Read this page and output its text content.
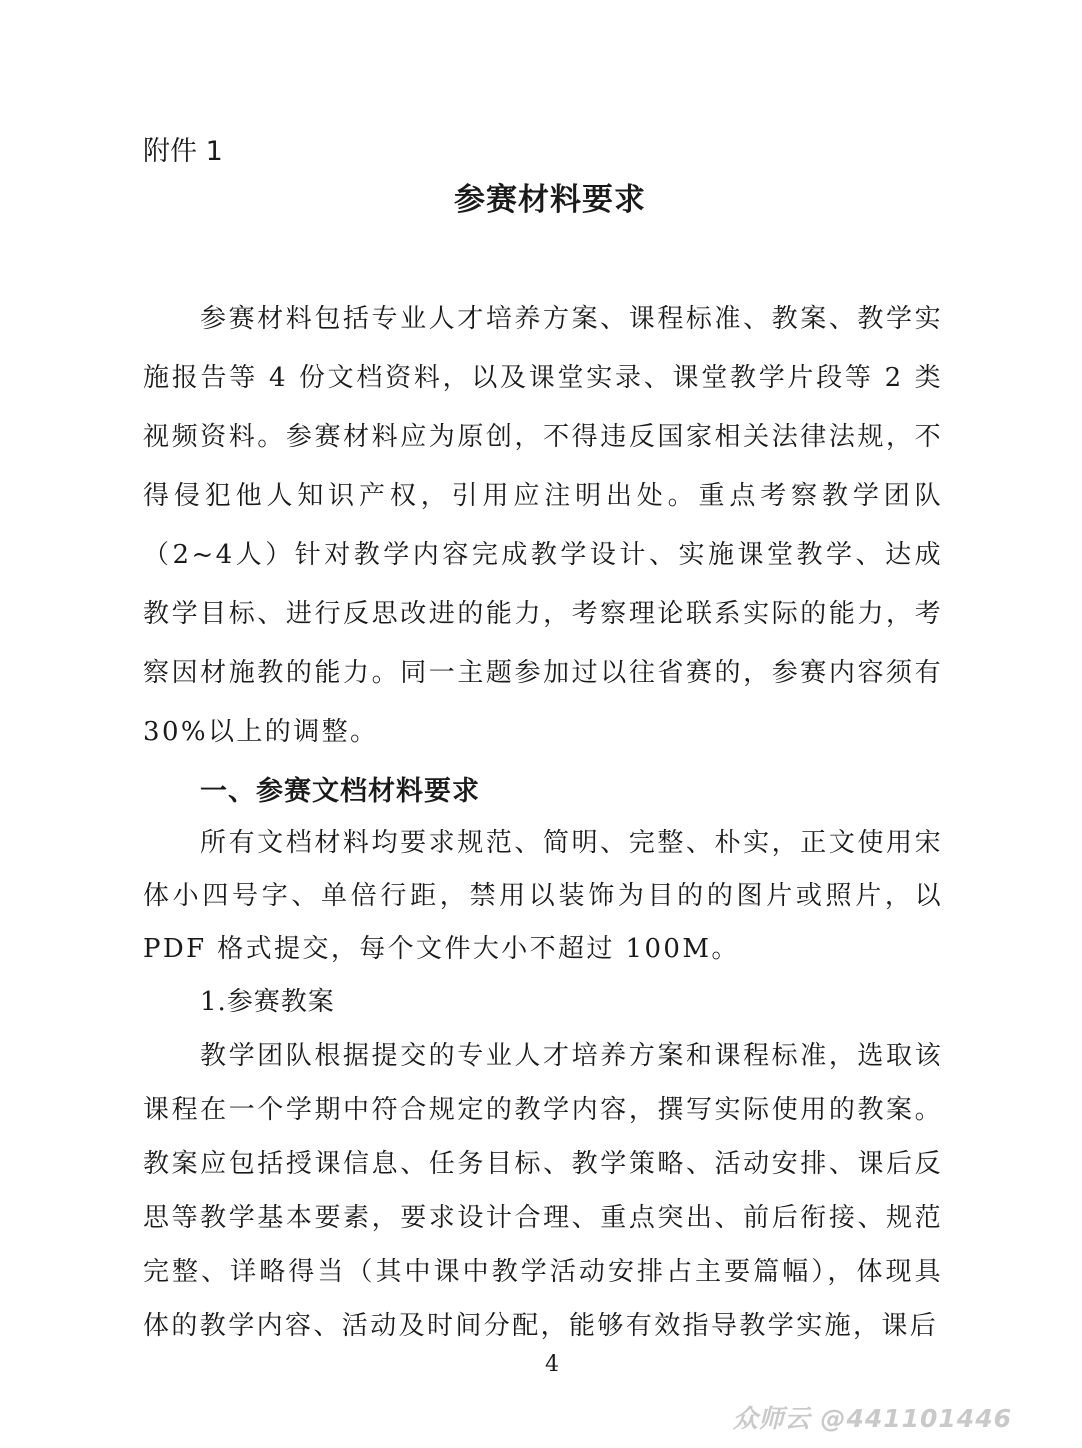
附件 1
参赛材料要求

参赛材料包括专业人才培养方案、课程标准、教案、教学实施报告等 4 份文档资料，以及课堂实录、课堂教学片段等 2 类视频资料。参赛材料应为原创，不得违反国家相关法律法规，不得侵犯他人知识产权，引用应注明出处。重点考察教学团队（2~4人）针对教学内容完成教学设计、实施课堂教学、达成教学目标、进行反思改进的能力，考察理论联系实际的能力，考察因材施教的能力。同一主题参加过以往省赛的，参赛内容须有 30%以上的调整。

一、参赛文档材料要求

所有文档材料均要求规范、简明、完整、朴实，正文使用宋体小四号字、单倍行距，禁用以装饰为目的的图片或照片，以 PDF 格式提交，每个文件大小不超过 100M。

1.参赛教案

教学团队根据提交的专业人才培养方案和课程标准，选取该课程在一个学期中符合规定的教学内容，撰写实际使用的教案。教案应包括授课信息、任务目标、教学策略、活动安排、课后反思等教学基本要素，要求设计合理、重点突出、前后衔接、规范完整、详略得当（其中课中教学活动安排占主要篇幅），体现具体的教学内容、活动及时间分配，能够有效指导教学实施，课后

4
众师云 @441101446
